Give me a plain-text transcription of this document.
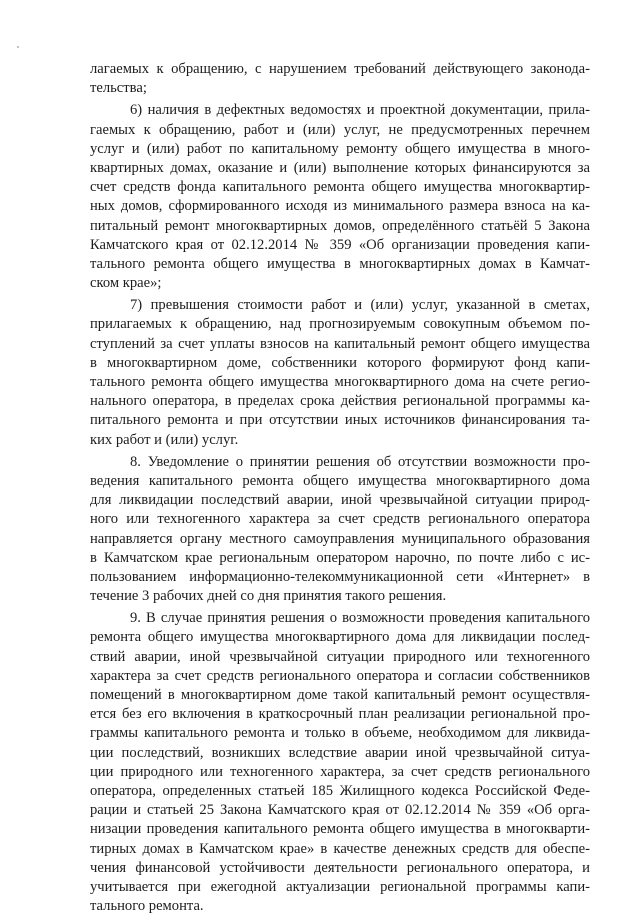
лагаемых к обращению, с нарушением требований действующего законода-
тельства;
6) наличия в дефектных ведомостях и проектной документации, прила-
гаемых к обращению, работ и (или) услуг, не предусмотренных перечнем
услуг и (или) работ по капитальному ремонту общего имущества в много-
квартирных домах, оказание и (или) выполнение которых финансируются за
счет средств фонда капитального ремонта общего имущества многоквартир-
ных домов, сформированного исходя из минимального размера взноса на ка-
питальный ремонт многоквартирных домов, определённого статьёй 5 Закона
Камчатского края от 02.12.2014 № 359 «Об организации проведения капи-
тального ремонта общего имущества в многоквартирных домах в Камчат-
ском крае»;
7) превышения стоимости работ и (или) услуг, указанной в сметах,
прилагаемых к обращению, над прогнозируемым совокупным объемом по-
ступлений за счет уплаты взносов на капитальный ремонт общего имущества
в многоквартирном доме, собственники которого формируют фонд капи-
тального ремонта общего имущества многоквартирного дома на счете регио-
нального оператора, в пределах срока действия региональной программы ка-
питального ремонта и при отсутствии иных источников финансирования та-
ких работ и (или) услуг.
8. Уведомление о принятии решения об отсутствии возможности про-
ведения капитального ремонта общего имущества многоквартирного дома
для ликвидации последствий аварии, иной чрезвычайной ситуации природ-
ного или техногенного характера за счет средств регионального оператора
направляется органу местного самоуправления муниципального образования
в Камчатском крае региональным оператором нарочно, по почте либо с ис-
пользованием информационно-телекоммуникационной сети «Интернет» в
течение 3 рабочих дней со дня принятия такого решения.
9. В случае принятия решения о возможности проведения капитального
ремонта общего имущества многоквартирного дома для ликвидации послед-
ствий аварии, иной чрезвычайной ситуации природного или техногенного
характера за счет средств регионального оператора и согласии собственников
помещений в многоквартирном доме такой капитальный ремонт осуществля-
ется без его включения в краткосрочный план реализации региональной про-
граммы капитального ремонта и только в объеме, необходимом для ликвида-
ции последствий, возникших вследствие аварии иной чрезвычайной ситуа-
ции природного или техногенного характера, за счет средств регионального
оператора, определенных статьей 185 Жилищного кодекса Российской Феде-
рации и статьей 25 Закона Камчатского края от 02.12.2014 № 359 «Об орга-
низации проведения капитального ремонта общего имущества в многокварти-
тирных домах в Камчатском крае» в качестве денежных средств для обеспе-
чения финансовой устойчивости деятельности регионального оператора, и
учитывается при ежегодной актуализации региональной программы капи-
тального ремонта.
